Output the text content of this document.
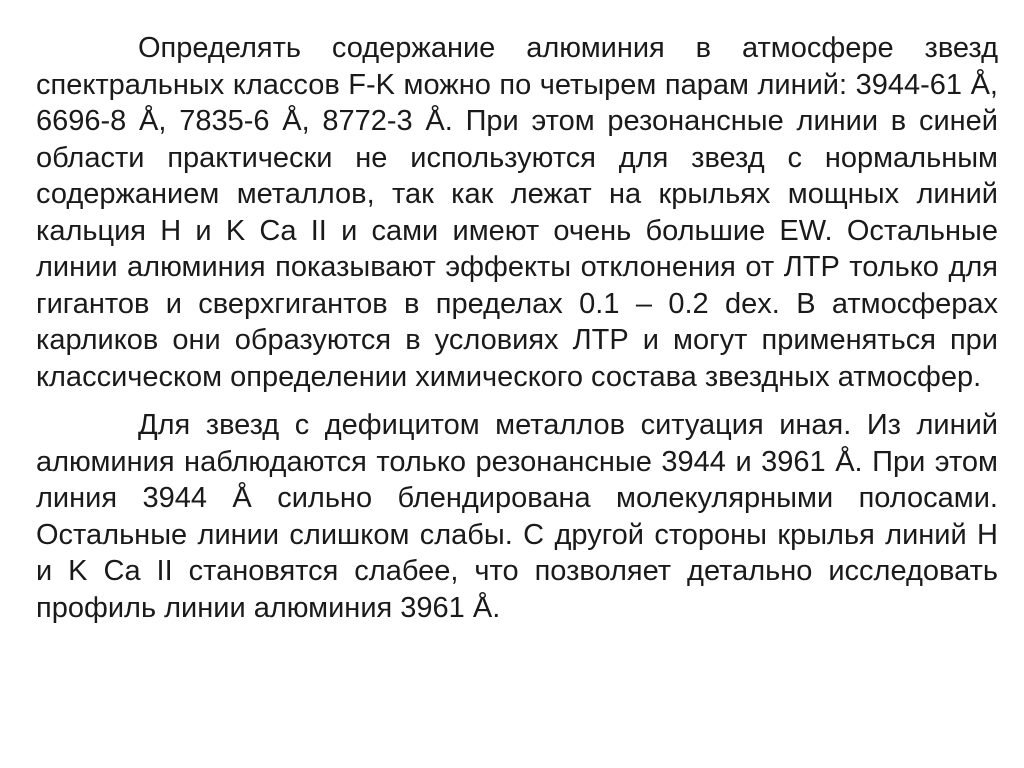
Определять содержание алюминия в атмосфере звезд спектральных классов F-K можно по четырем парам линий: 3944-61 Å, 6696-8 Å, 7835-6 Å, 8772-3 Å. При этом резонансные линии в синей области практически не используются для звезд с нормальным содержанием металлов, так как лежат на крыльях мощных линий кальция H и K Ca II и сами имеют очень большие EW. Остальные линии алюминия показывают эффекты отклонения от ЛТР только для гигантов и сверхгигантов в пределах 0.1 – 0.2 dex. В атмосферах карликов они образуются в условиях ЛТР и могут применяться при классическом определении химического состава звездных атмосфер.

Для звезд с дефицитом металлов ситуация иная. Из линий алюминия наблюдаются только резонансные 3944 и 3961 Å. При этом линия 3944 Å сильно блендирована молекулярными полосами. Остальные линии слишком слабы. С другой стороны крылья линий H и K Ca II становятся слабее, что позволяет детально исследовать профиль линии алюминия 3961 Å.
